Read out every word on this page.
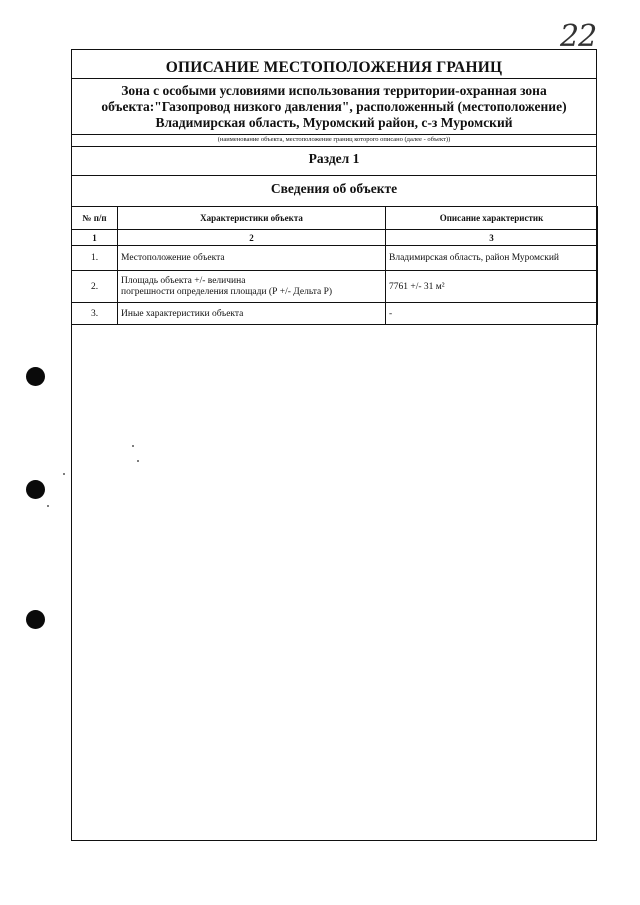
22
ОПИСАНИЕ МЕСТОПОЛОЖЕНИЯ ГРАНИЦ
Зона с особыми условиями использования территории-охранная зона
объекта:"Газопровод низкого давления", расположенный (местоположение)
Владимирская область, Муромский район, с-з Муромский
(наименование объекта, местоположение границ которого описано (далее - объект))
Раздел 1
Сведения об объекте
№ п/п	Характеристики объекта	Описание характеристик
1	2	3
1.	Местоположение объекта	Владимирская область, район Муромский
2.	Площадь объекта +/- величина
погрешности определения площади (Р +/- Дельта Р)	7761 +/- 31 м²
3.	Иные характеристики объекта	-
